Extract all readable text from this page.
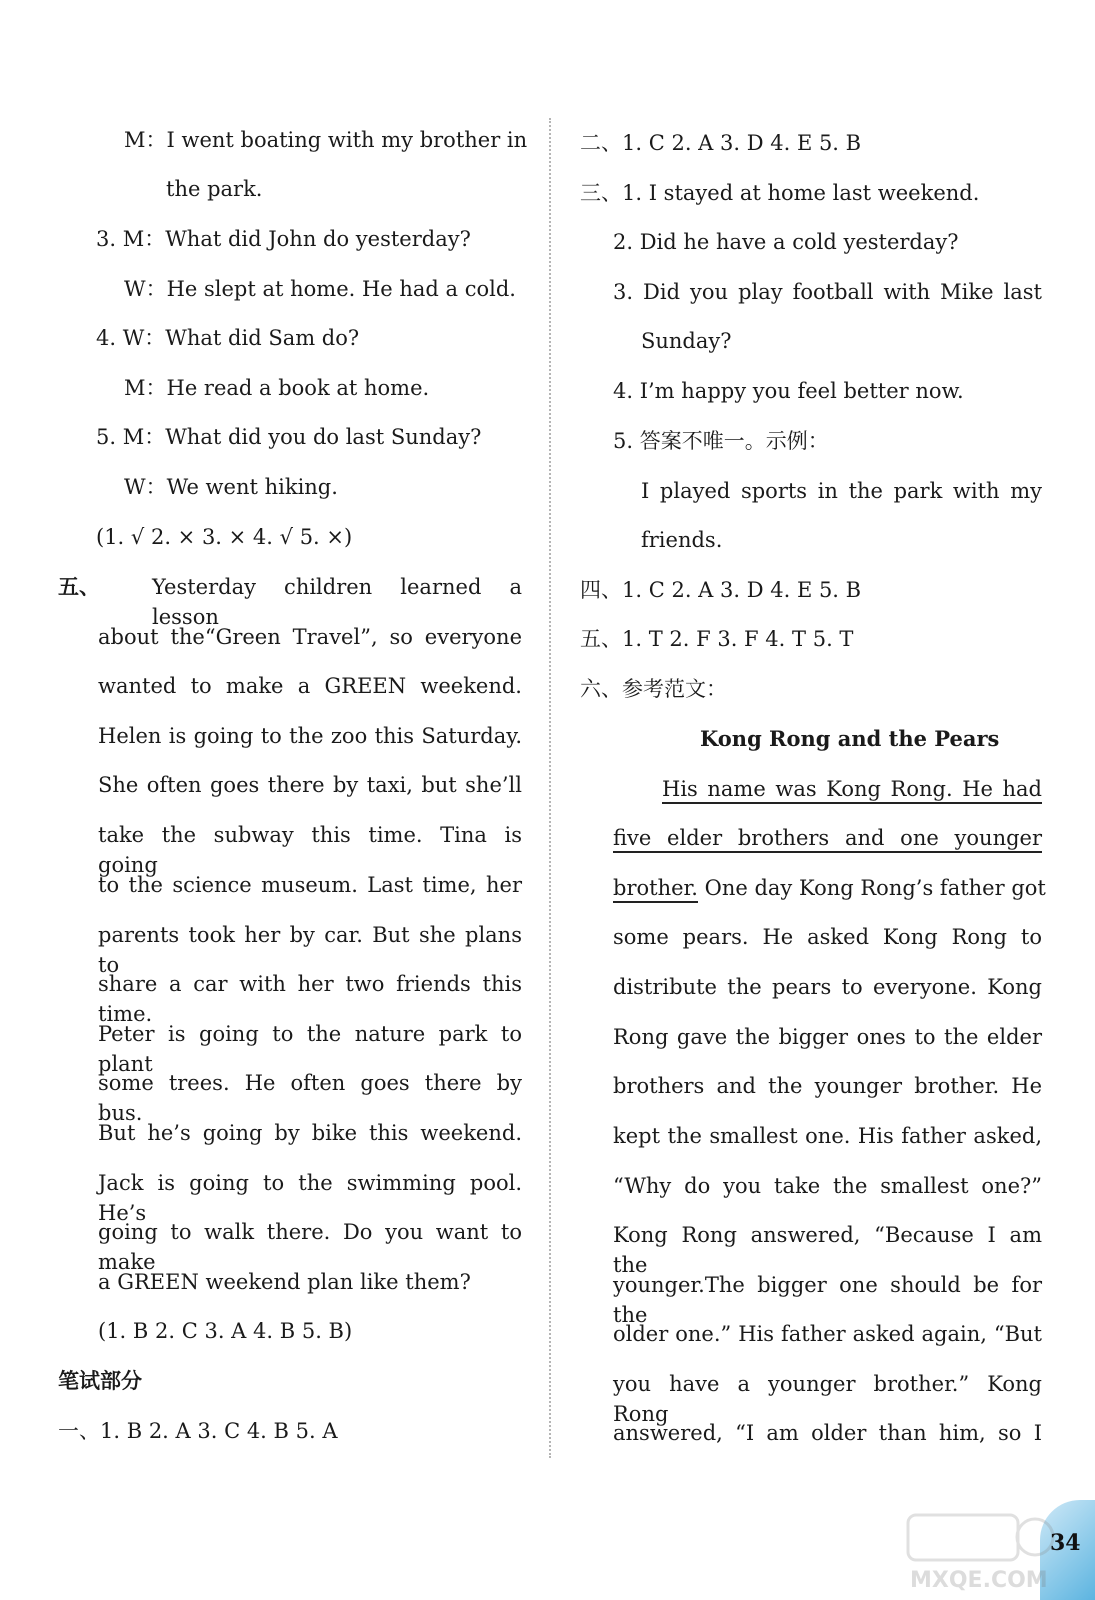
M：I went boating with my brother in
the park.
3. M：What did John do yesterday?
W：He slept at home. He had a cold.
4. W：What did Sam do?
M：He read a book at home.
5. M：What did you do last Sunday?
W：We went hiking.
(1. √ 2. × 3. × 4. √ 5. ×)
五、 Yesterday children learned a lesson
about the“Green Travel”, so everyone
wanted to make a GREEN weekend.
Helen is going to the zoo this Saturday.
She often goes there by taxi, but she’ll
take the subway this time. Tina is going
to the science museum. Last time, her
parents took her by car. But she plans to
share a car with her two friends this time.
Peter is going to the nature park to plant
some trees. He often goes there by bus.
But he’s going by bike this weekend.
Jack is going to the swimming pool. He’s
going to walk there. Do you want to make
a GREEN weekend plan like them?
(1. B 2. C 3. A 4. B 5. B)
笔试部分
一、1. B 2. A 3. C 4. B 5. A
二、1. C 2. A 3. D 4. E 5. B
三、1. I stayed at home last weekend.
2. Did he have a cold yesterday?
3. Did you play football with Mike last
Sunday?
4. I’m happy you feel better now.
5. 答案不唯一。示例：
I played sports in the park with my
friends.
四、1. C 2. A 3. D 4. E 5. B
五、1. T 2. F 3. F 4. T 5. T
六、参考范文：
Kong Rong and the Pears
His name was Kong Rong. He had
five elder brothers and one younger
brother. One day Kong Rong’s father got
some pears. He asked Kong Rong to
distribute the pears to everyone. Kong
Rong gave the bigger ones to the elder
brothers and the younger brother. He
kept the smallest one. His father asked,
“Why do you take the smallest one?”
Kong Rong answered, “Because I am the
younger.The bigger one should be for the
older one.” His father asked again, “But
you have a younger brother.” Kong Rong
answered, “I am older than him, so I
MXQE.COM
34
